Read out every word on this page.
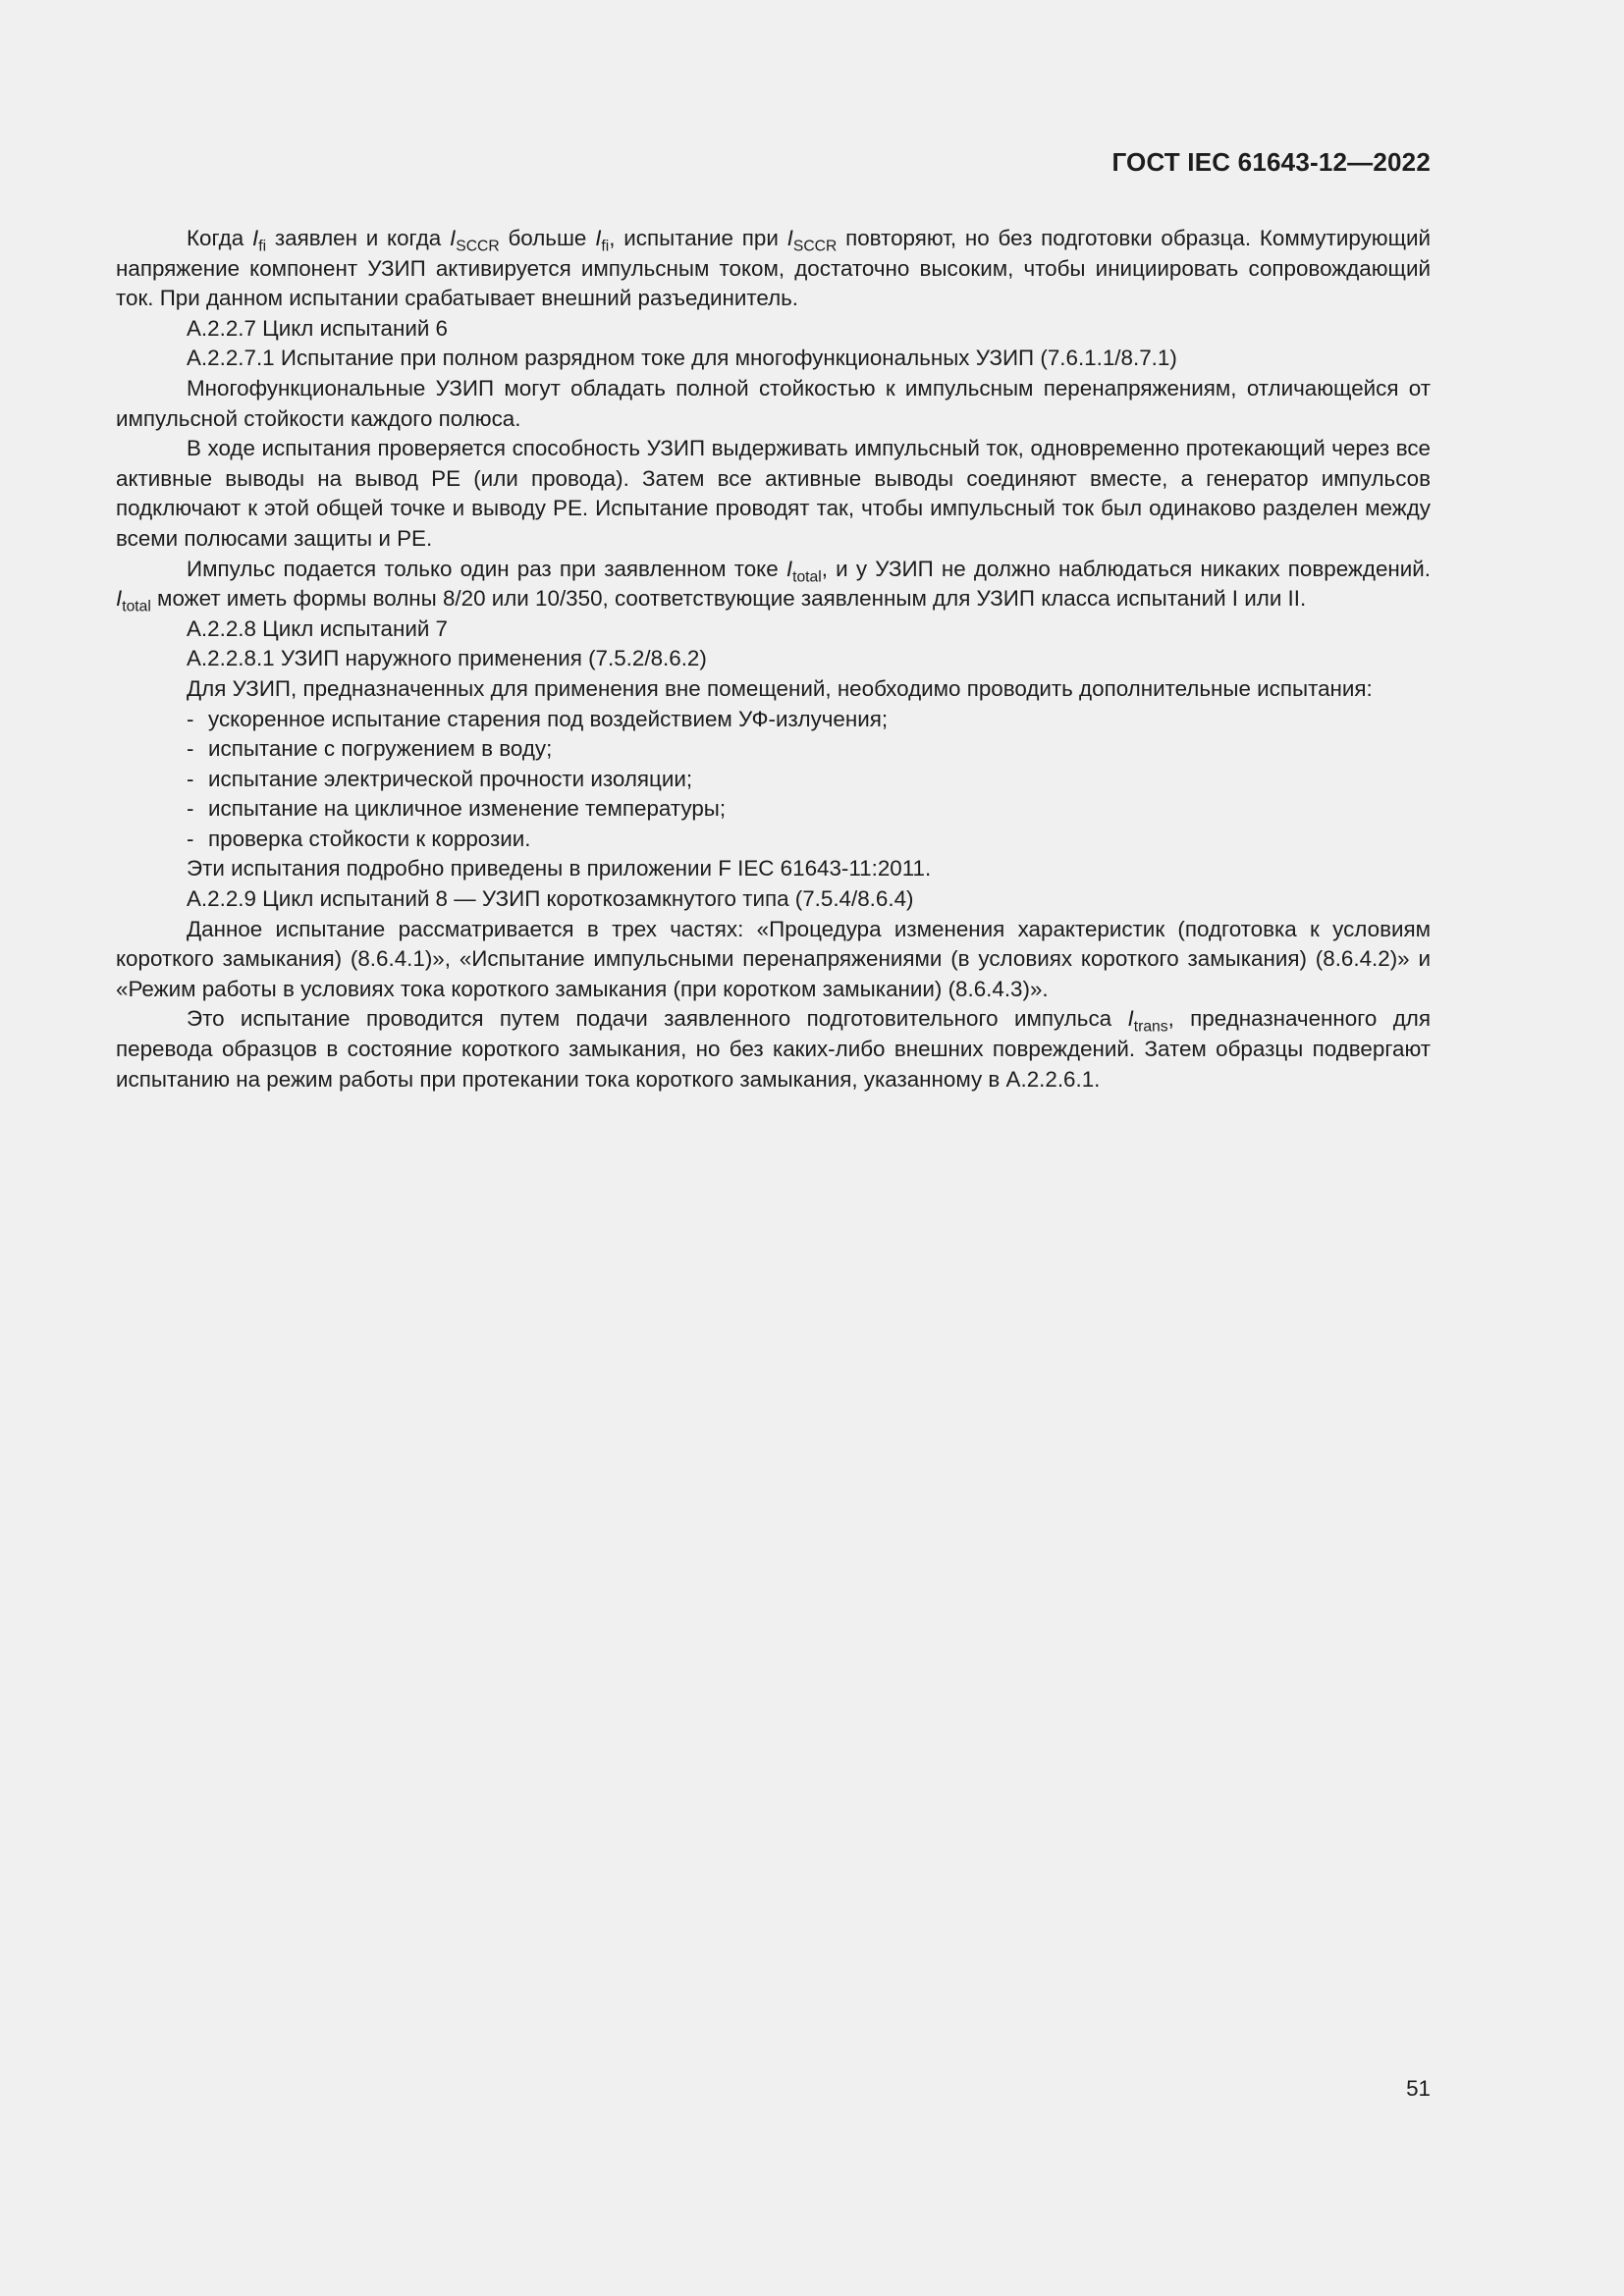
ГОСТ IEC 61643-12—2022

Когда $I_{fi}$ заявлен и когда $I_{SCCR}$ больше $I_{fi}$, испытание при $I_{SCCR}$ повторяют, но без подготовки образца. Коммутирующий напряжение компонент УЗИП активируется импульсным током, достаточно высоким, чтобы инициировать сопровождающий ток. При данном испытании срабатывает внешний разъединитель.

А.2.2.7 Цикл испытаний 6

А.2.2.7.1 Испытание при полном разрядном токе для многофункциональных УЗИП (7.6.1.1/8.7.1)

Многофункциональные УЗИП могут обладать полной стойкостью к импульсным перенапряжениям, отличающейся от импульсной стойкости каждого полюса.

В ходе испытания проверяется способность УЗИП выдерживать импульсный ток, одновременно протекающий через все активные выводы на вывод PE (или провода). Затем все активные выводы соединяют вместе, а генератор импульсов подключают к этой общей точке и выводу PE. Испытание проводят так, чтобы импульсный ток был одинаково разделен между всеми полюсами защиты и PE.

Импульс подается только один раз при заявленном токе $I_{total}$, и у УЗИП не должно наблюдаться никаких повреждений. $I_{total}$ может иметь формы волны 8/20 или 10/350, соответствующие заявленным для УЗИП класса испытаний I или II.

А.2.2.8 Цикл испытаний 7

А.2.2.8.1 УЗИП наружного применения (7.5.2/8.6.2)

Для УЗИП, предназначенных для применения вне помещений, необходимо проводить дополнительные испытания:

- ускоренное испытание старения под воздействием УФ-излучения;

- испытание с погружением в воду;

- испытание электрической прочности изоляции;

- испытание на цикличное изменение температуры;

- проверка стойкости к коррозии.

Эти испытания подробно приведены в приложении F IEC 61643-11:2011.

А.2.2.9 Цикл испытаний 8 — УЗИП короткозамкнутого типа (7.5.4/8.6.4)

Данное испытание рассматривается в трех частях: «Процедура изменения характеристик (подготовка к условиям короткого замыкания) (8.6.4.1)», «Испытание импульсными перенапряжениями (в условиях короткого замыкания) (8.6.4.2)» и «Режим работы в условиях тока короткого замыкания (при коротком замыкании) (8.6.4.3)».

Это испытание проводится путем подачи заявленного подготовительного импульса $I_{trans}$, предназначенного для перевода образцов в состояние короткого замыкания, но без каких-либо внешних повреждений. Затем образцы подвергают испытанию на режим работы при протекании тока короткого замыкания, указанному в А.2.2.6.1.

51
